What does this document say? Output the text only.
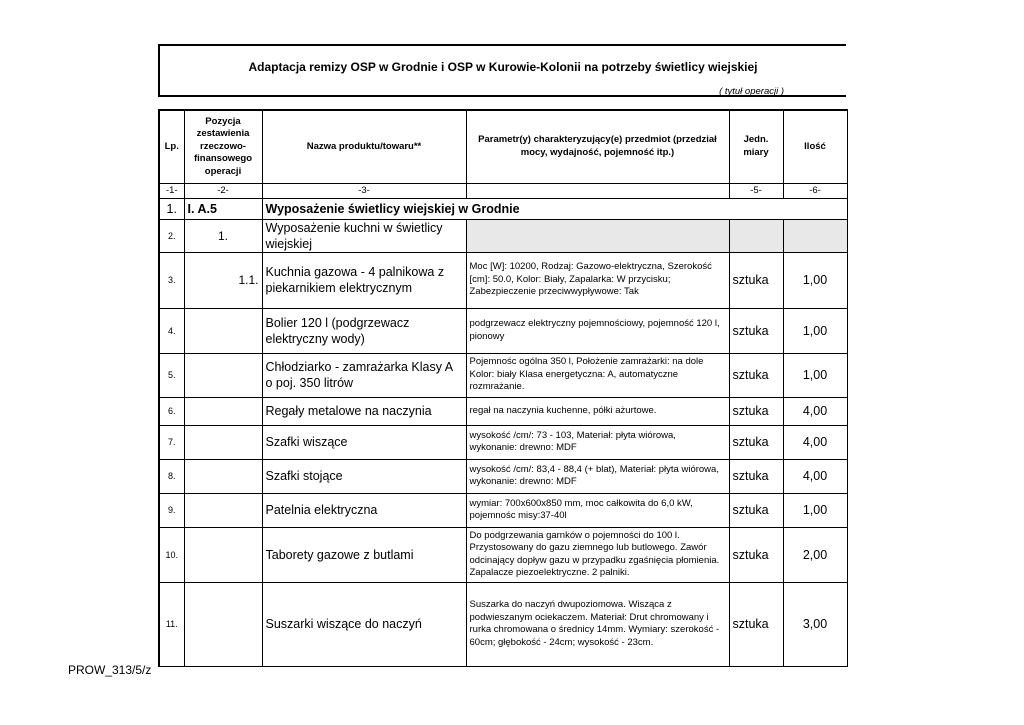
Adaptacja remizy OSP w Grodnie i OSP w Kurowie-Kolonii na potrzeby świetlicy wiejskiej
( tytuł operacji )
Lp.	Pozycja zestawienia rzeczowo-finansowego operacji	Nazwa produktu/towaru**	Parametr(y) charakteryzujący(e) przedmiot (przedział mocy, wydajność, pojemność itp.)	Jedn. miary	Ilość
-1-	-2-	-3-		-5-	-6-
1.	I. A.5	Wyposażenie świetlicy wiejskiej w Grodnie			
2.	1.	Wyposażenie kuchni w świetlicy wiejskiej			
3.	1.1.	Kuchnia gazowa - 4 palnikowa z piekarnikiem elektrycznym	Moc [W]: 10200, Rodzaj: Gazowo-elektryczna, Szerokość [cm]: 50.0, Kolor: Biały, Zapalarka: W przycisku; Zabezpieczenie przeciwwypływowe: Tak	sztuka	1,00
4.		Bolier 120 l (podgrzewacz elektryczny wody)	podgrzewacz elektryczny pojemnościowy, pojemność 120 l, pionowy	sztuka	1,00
5.		Chłodziarko - zamrażarka Klasy A o poj. 350 litrów	Pojemnośc ogólna 350 l, Położenie zamrażarki: na dole Kolor: biały Klasa energetyczna: A, automatyczne rozmrażanie.	sztuka	1,00
6.		Regały metalowe na naczynia	regał na naczynia kuchenne, półki ażurtowe.	sztuka	4,00
7.		Szafki wiszące	wysokość /cm/: 73 - 103, Materiał: płyta wiórowa, wykonanie: drewno: MDF	sztuka	4,00
8.		Szafki stojące	wysokość /cm/: 83,4 - 88,4 (+ blat), Materiał: płyta wiórowa, wykonanie: drewno: MDF	sztuka	4,00
9.		Patelnia elektryczna	wymiar: 700x600x850 mm, moc całkowita do 6,0 kW, pojemnośc misy:37-40l	sztuka	1,00
10.		Taborety gazowe z butlami	Do podgrzewania garnków o pojemności do 100 l. Przystosowany do gazu ziemnego lub butlowego. Zawór odcinający dopływ gazu w przypadku zgaśnięcia płomienia. Zapalacze piezoelektryczne. 2 palniki.	sztuka	2,00
11.		Suszarki wiszące do naczyń	Suszarka do naczyń dwupoziomowa. Wisząca z podwieszanym ociekaczem. Materiał: Drut chromowany i rurka chromowana o średnicy 14mm. Wymiary: szerokość - 60cm; głębokość - 24cm; wysokość - 23cm.	sztuka	3,00
PROW_313/5/z
